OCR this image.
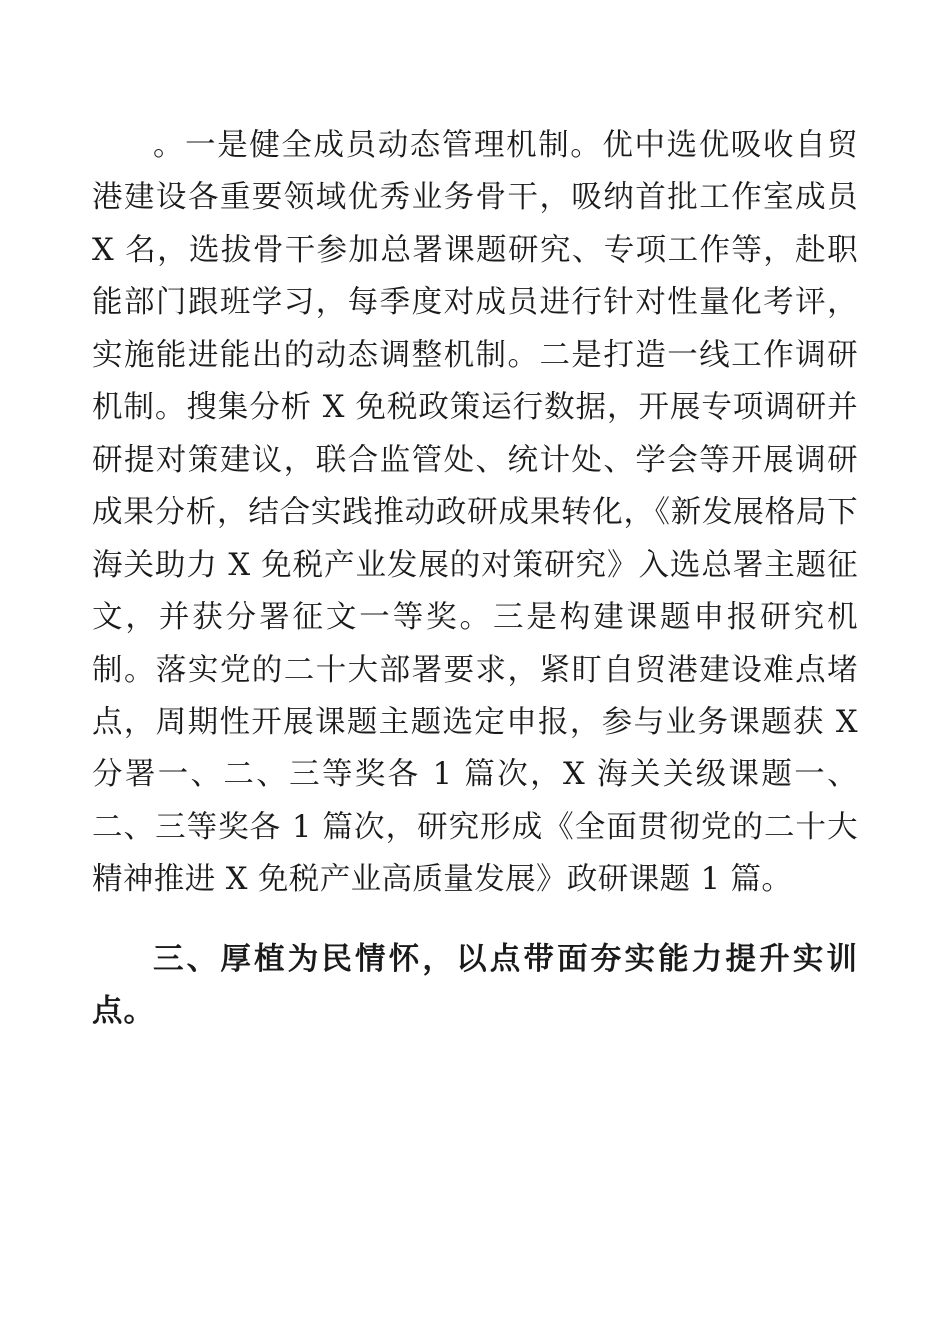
。一是健全成员动态管理机制。优中选优吸收自贸港建设各重要领域优秀业务骨干，吸纳首批工作室成员 X 名，选拔骨干参加总署课题研究、专项工作等，赴职能部门跟班学习，每季度对成员进行针对性量化考评，实施能进能出的动态调整机制。二是打造一线工作调研机制。搜集分析 X 免税政策运行数据，开展专项调研并研提对策建议，联合监管处、统计处、学会等开展调研成果分析，结合实践推动政研成果转化，《新发展格局下海关助力 X 免税产业发展的对策研究》入选总署主题征文，并获分署征文一等奖。三是构建课题申报研究机制。落实党的二十大部署要求，紧盯自贸港建设难点堵点，周期性开展课题主题选定申报，参与业务课题获 X 分署一、二、三等奖各 1 篇次，X 海关关级课题一、二、三等奖各 1 篇次，研究形成《全面贯彻党的二十大精神推进 X 免税产业高质量发展》政研课题 1 篇。

三、厚植为民情怀，以点带面夯实能力提升实训点。
